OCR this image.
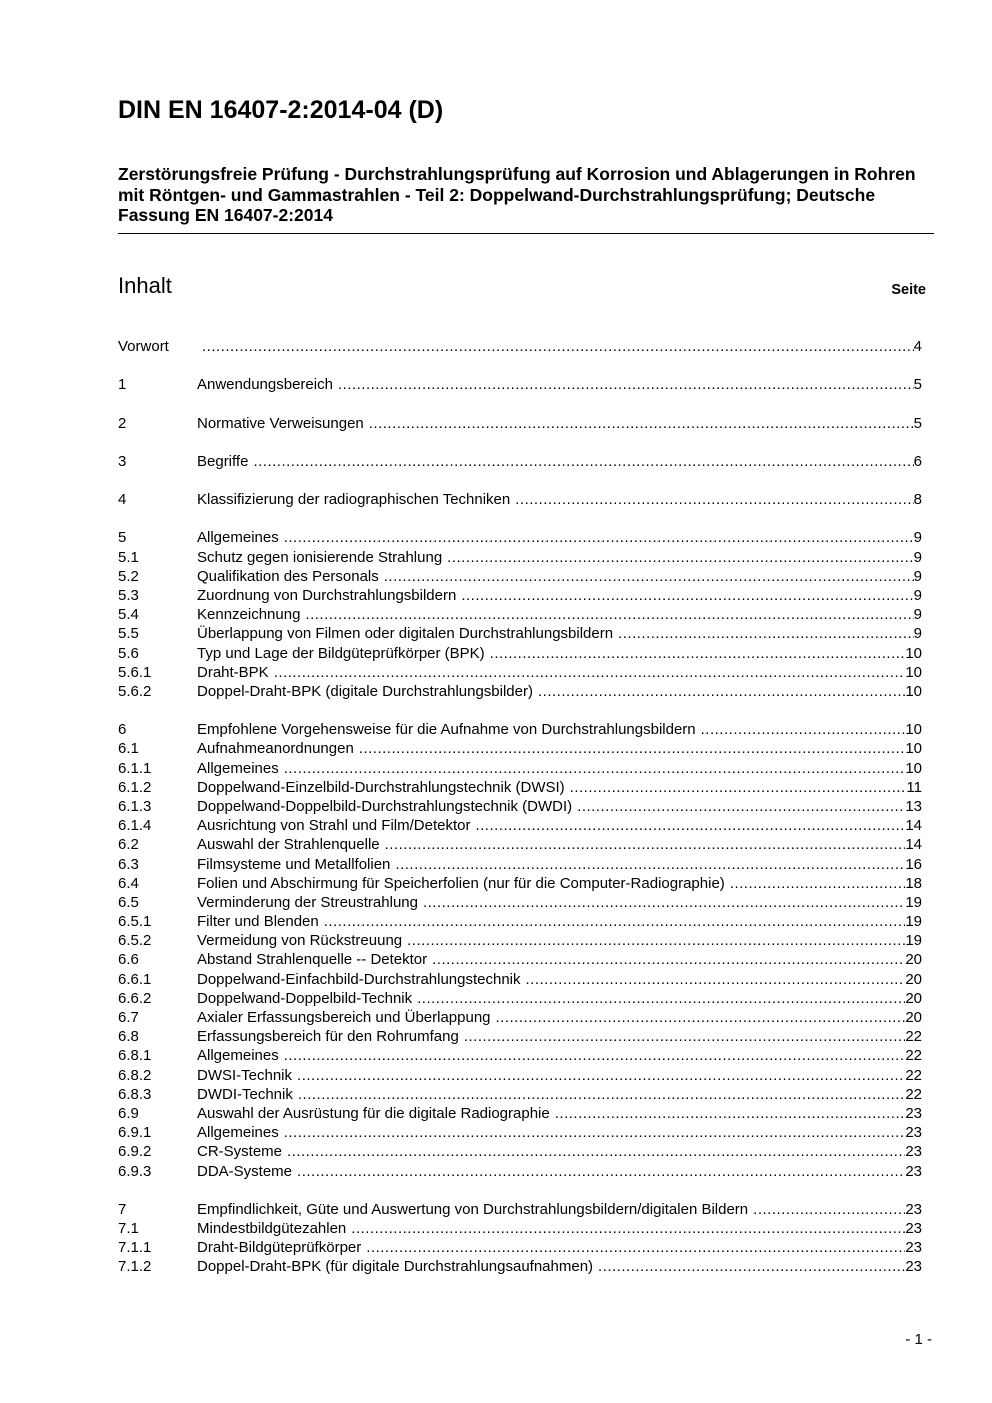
DIN EN 16407-2:2014-04 (D)

Zerstörungsfreie Prüfung - Durchstrahlungsprüfung auf Korrosion und Ablagerungen in Rohren mit Röntgen- und Gammastrahlen - Teil 2: Doppelwand-Durchstrahlungsprüfung; Deutsche Fassung EN 16407-2:2014

Inhalt	Seite
Vorwort .....	4
1	Anwendungsbereich .....	5
2	Normative Verweisungen .....	5
3	Begriffe .....	6
4	Klassifizierung der radiographischen Techniken .....	8
5	Allgemeines .....	9
5.1	Schutz gegen ionisierende Strahlung .....	9
5.2	Qualifikation des Personals .....	9
5.3	Zuordnung von Durchstrahlungsbildern .....	9
5.4	Kennzeichnung .....	9
5.5	Überlappung von Filmen oder digitalen Durchstrahlungsbildern .....	9
5.6	Typ und Lage der Bildgüteprüfkörper (BPK) .....	10
5.6.1	Draht-BPK .....	10
5.6.2	Doppel-Draht-BPK (digitale Durchstrahlungsbilder) .....	10
6	Empfohlene Vorgehensweise für die Aufnahme von Durchstrahlungsbildern .....	10
6.1	Aufnahmeanordnungen .....	10
6.1.1	Allgemeines .....	10
6.1.2	Doppelwand-Einzelbild-Durchstrahlungstechnik (DWSI) .....	11
6.1.3	Doppelwand-Doppelbild-Durchstrahlungstechnik (DWDI) .....	13
6.1.4	Ausrichtung von Strahl und Film/Detektor .....	14
6.2	Auswahl der Strahlenquelle .....	14
6.3	Filmsysteme und Metallfolien .....	16
6.4	Folien und Abschirmung für Speicherfolien (nur für die Computer-Radiographie) .....	18
6.5	Verminderung der Streustrahlung .....	19
6.5.1	Filter und Blenden .....	19
6.5.2	Vermeidung von Rückstreuung .....	19
6.6	Abstand Strahlenquelle -- Detektor .....	20
6.6.1	Doppelwand-Einfachbild-Durchstrahlungstechnik .....	20
6.6.2	Doppelwand-Doppelbild-Technik .....	20
6.7	Axialer Erfassungsbereich und Überlappung .....	20
6.8	Erfassungsbereich für den Rohrumfang .....	22
6.8.1	Allgemeines .....	22
6.8.2	DWSI-Technik .....	22
6.8.3	DWDI-Technik .....	22
6.9	Auswahl der Ausrüstung für die digitale Radiographie .....	23
6.9.1	Allgemeines .....	23
6.9.2	CR-Systeme .....	23
6.9.3	DDA-Systeme .....	23
7	Empfindlichkeit, Güte und Auswertung von Durchstrahlungsbildern/digitalen Bildern .....	23
7.1	Mindestbildgütezahlen .....	23
7.1.1	Draht-Bildgüteprüfkörper .....	23
7.1.2	Doppel-Draht-BPK (für digitale Durchstrahlungsaufnahmen) .....	23
- 1 -
